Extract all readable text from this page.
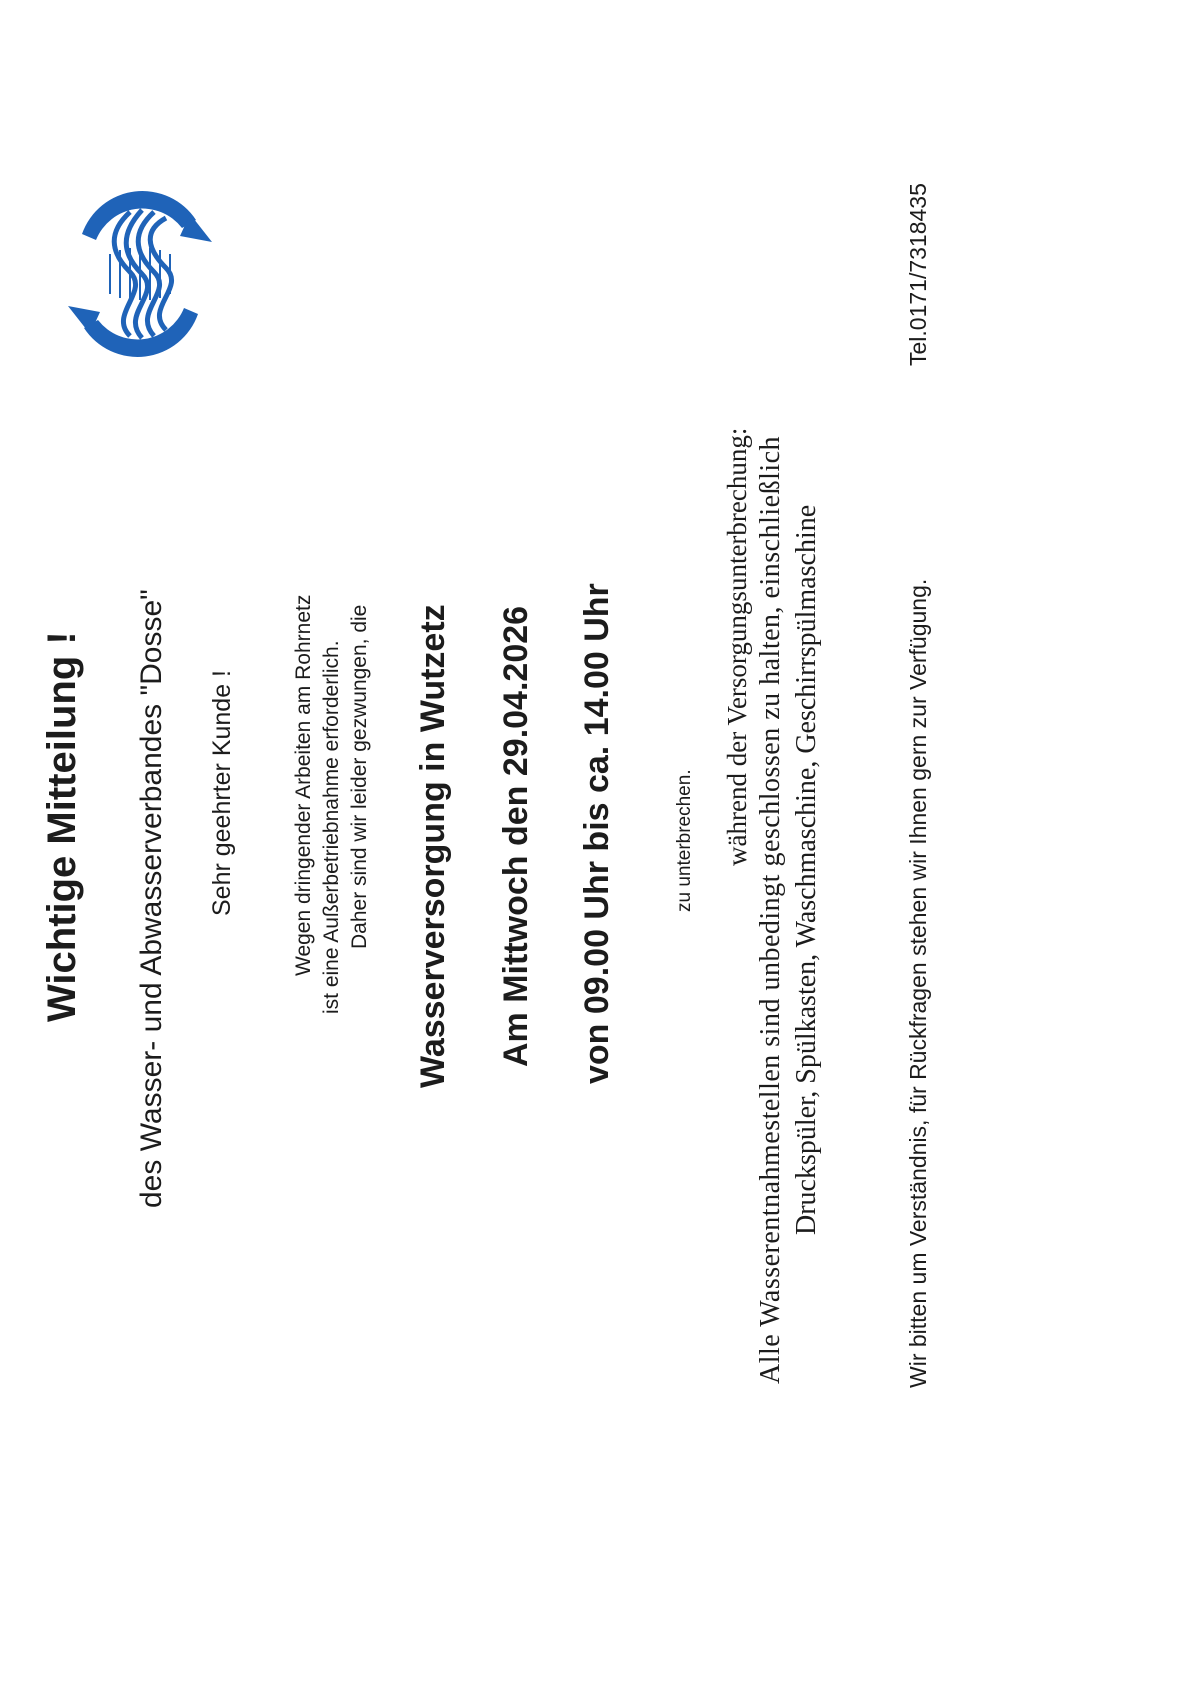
Wichtige Mitteilung ! des Wasser- und Abwasserverbandes "Dosse" Sehr geehrter Kunde !	Wegen dringender Arbeiten am Rohrnetz ist eine Außerbetriebnahme erforderlich. Daher sind wir leider gezwungen, die Wasserversorgung in Wutzetz Am Mittwoch den 29.04.2026 von 09.00 Uhr bis ca. 14.00 Uhr	zu unterbrechen. während der Versorgungsunterbrechung: Alle Wasserentnahmestellen sind unbedingt geschlossen zu halten, einschließlich Druckspüler, Spülkasten, Waschmaschine, Geschirrspülmaschine	Wir bitten um Verständnis, für Rückfragen stehen wir Ihnen gern zur Verfügung.
Tel.0171/7318435
